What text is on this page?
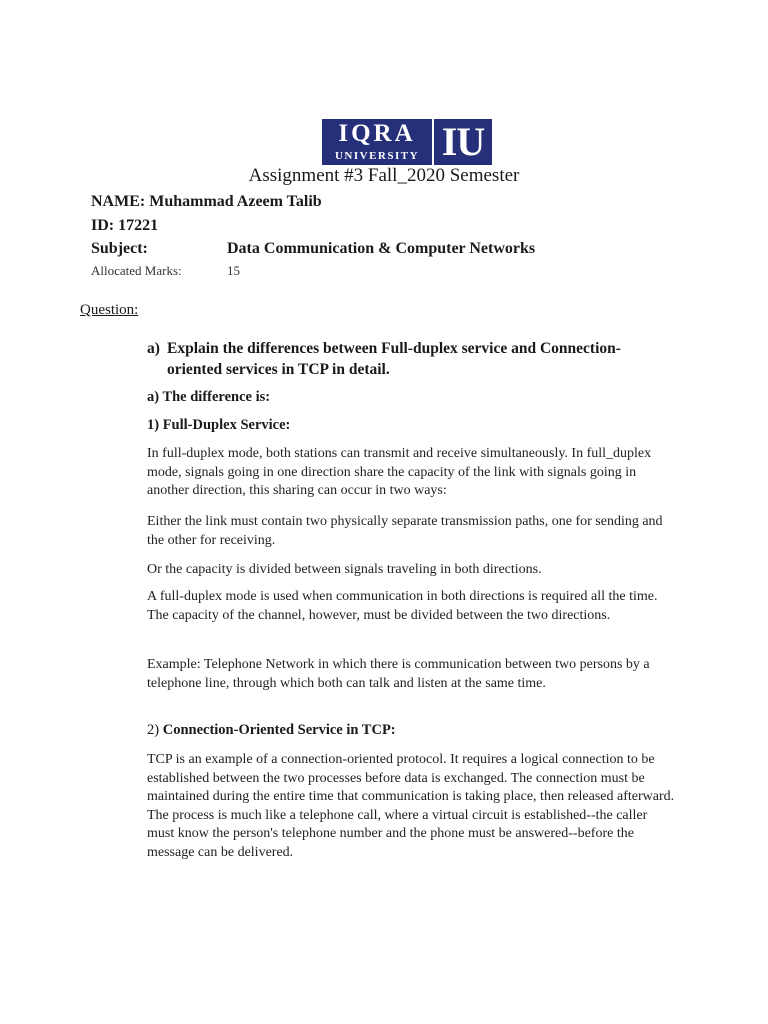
IQRA
UNIVERSITY IU
Assignment #3 Fall_2020 Semester
NAME: Muhammad Azeem Talib
ID: 17221
Subject:	Data Communication & Computer Networks
Allocated Marks:	15
Question:
a) Explain the differences between Full-duplex service and Connection-oriented services in TCP in detail.
a) The difference is:
1) Full-Duplex Service:
In full-duplex mode, both stations can transmit and receive simultaneously. In full_duplex mode, signals going in one direction share the capacity of the link with signals going in another direction, this sharing can occur in two ways:
Either the link must contain two physically separate transmission paths, one for sending and the other for receiving.
Or the capacity is divided between signals traveling in both directions.
A full-duplex mode is used when communication in both directions is required all the time. The capacity of the channel, however, must be divided between the two directions.
Example: Telephone Network in which there is communication between two persons by a telephone line, through which both can talk and listen at the same time.
2) Connection-Oriented Service in TCP:
TCP is an example of a connection-oriented protocol. It requires a logical connection to be established between the two processes before data is exchanged. The connection must be maintained during the entire time that communication is taking place, then released afterward. The process is much like a telephone call, where a virtual circuit is established--the caller must know the person's telephone number and the phone must be answered--before the message can be delivered.
